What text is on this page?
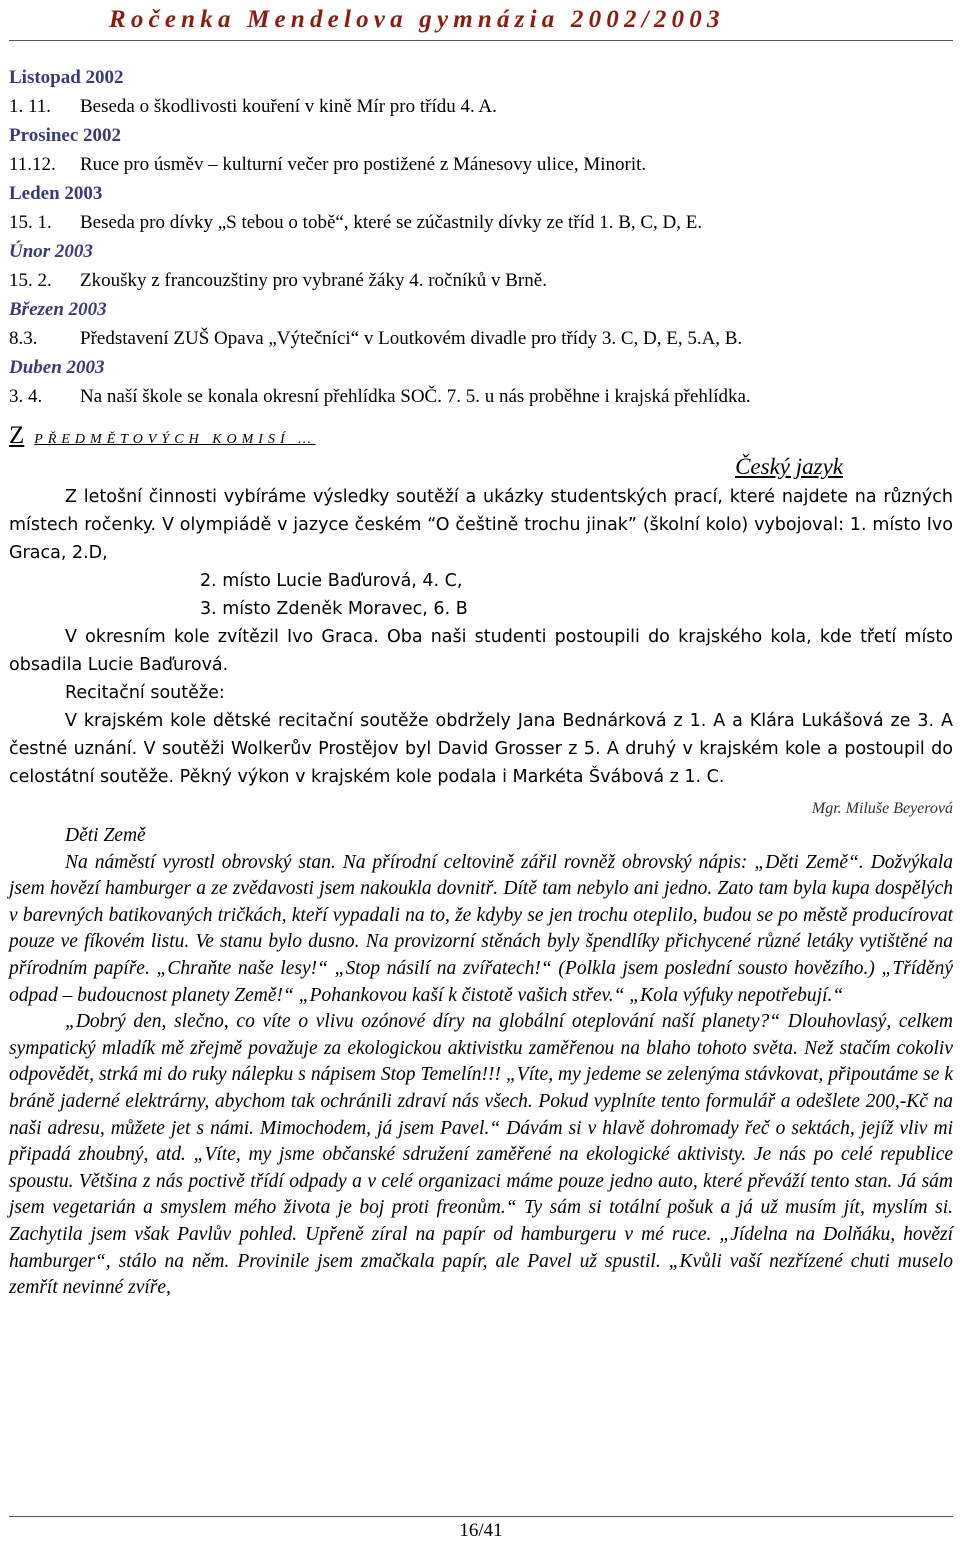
Ročenka Mendelova gymnázia 2002/2003
Listopad 2002
1. 11. Beseda o škodlivosti kouření v kině Mír pro třídu 4. A.
Prosinec 2002
11.12. Ruce pro úsměv – kulturní večer pro postižené z Mánesovy ulice, Minorit.
Leden 2003
15. 1. Beseda pro dívky „S tebou o tobě“, které se zúčastnily dívky ze tříd 1. B, C, D, E.
Únor 2003
15. 2. Zkoušky z francouzštiny pro vybrané žáky 4. ročníků v Brně.
Březen 2003
8.3. Představení ZUŠ Opava „Výtečníci“ v Loutkovém divadle pro třídy 3. C, D, E, 5.A, B.
Duben 2003
3. 4. Na naší škole se konala okresní přehlídka SOČ. 7. 5. u nás proběhne i krajská přehlídka.
ZPŘEDMĚTOVÝCH KOMISÍ …
Český jazyk

Z letošní činnosti vybíráme výsledky soutěží a ukázky studentských prací, které najdete na různých místech ročenky. V olympiádě v jazyce českém “O češtině trochu jinak” (školní kolo) vybojoval: 1. místo Ivo Graca, 2.D,

2. místo Lucie Baďurová, 4. C,

3. místo Zdeněk Moravec, 6. B

V okresním kole zvítězil Ivo Graca. Oba naši studenti postoupili do krajského kola, kde třetí místo obsadila Lucie Baďurová.

Recitační soutěže:

V krajském kole dětské recitační soutěže obdržely Jana Bednárková z 1. A a Klára Lukášová ze 3. A čestné uznání. V soutěži Wolkerův Prostějov byl David Grosser z 5. A druhý v krajském kole a postoupil do celostátní soutěže. Pěkný výkon v krajském kole podala i Markéta Švábová z 1. C.

Mgr. Miluše Beyerová

Děti Země

Na náměstí vyrostl obrovský stan. Na přírodní celtovině zářil rovněž obrovský nápis: „Děti Země“. Dožvýkala jsem hovězí hamburger a ze zvědavosti jsem nakoukla dovnitř. Dítě tam nebylo ani jedno. Zato tam byla kupa dospělých v barevných batikovaných tričkách, kteří vypadali na to, že kdyby se jen trochu oteplilo, budou se po městě producírovat pouze ve fíkovém listu. Ve stanu bylo dusno. Na provizorní stěnách byly špendlíky přichycené různé letáky vytištěné na přírodním papíře. „Chraňte naše lesy!“ „Stop násilí na zvířatech!“ (Polkla jsem poslední sousto hovězího.) „Tříděný odpad – budoucnost planety Země!“ „Pohankovou kaší k čistotě vašich střev.“ „Kola výfuky nepotřebují.“

„Dobrý den, slečno, co víte o vlivu ozónové díry na globální oteplování naší planety?“ Dlouhovlasý, celkem sympatický mladík mě zřejmě považuje za ekologickou aktivistku zaměřenou na blaho tohoto světa. Než stačím cokoliv odpovědět, strká mi do ruky nálepku s nápisem Stop Temelín!!! „Víte, my jedeme se zelenýma stávkovat, připoutáme se k bráně jaderné elektrárny, abychom tak ochránili zdraví nás všech. Pokud vyplníte tento formulář a odešlete 200,-Kč na naši adresu, můžete jet s námi. Mimochodem, já jsem Pavel.“ Dávám si v hlavě dohromady řeč o sektách, jejíž vliv mi připadá zhoubný, atd. „Víte, my jsme občanské sdružení zaměřené na ekologické aktivisty. Je nás po celé republice spoustu. Většina z nás poctivě třídí odpady a v celé organizaci máme pouze jedno auto, které převáží tento stan. Já sám jsem vegetarián a smyslem mého života je boj proti freonům.“ Ty sám si totální pošuk a já už musím jít, myslím si. Zachytila jsem však Pavlův pohled. Upřeně zíral na papír od hamburgeru v mé ruce. „Jídelna na Dolňáku, hovězí hamburger“, stálo na něm. Provinile jsem zmačkala papír, ale Pavel už spustil. „Kvůli vaší nezřízené chuti muselo zemřít nevinné zvíře,

16/41
